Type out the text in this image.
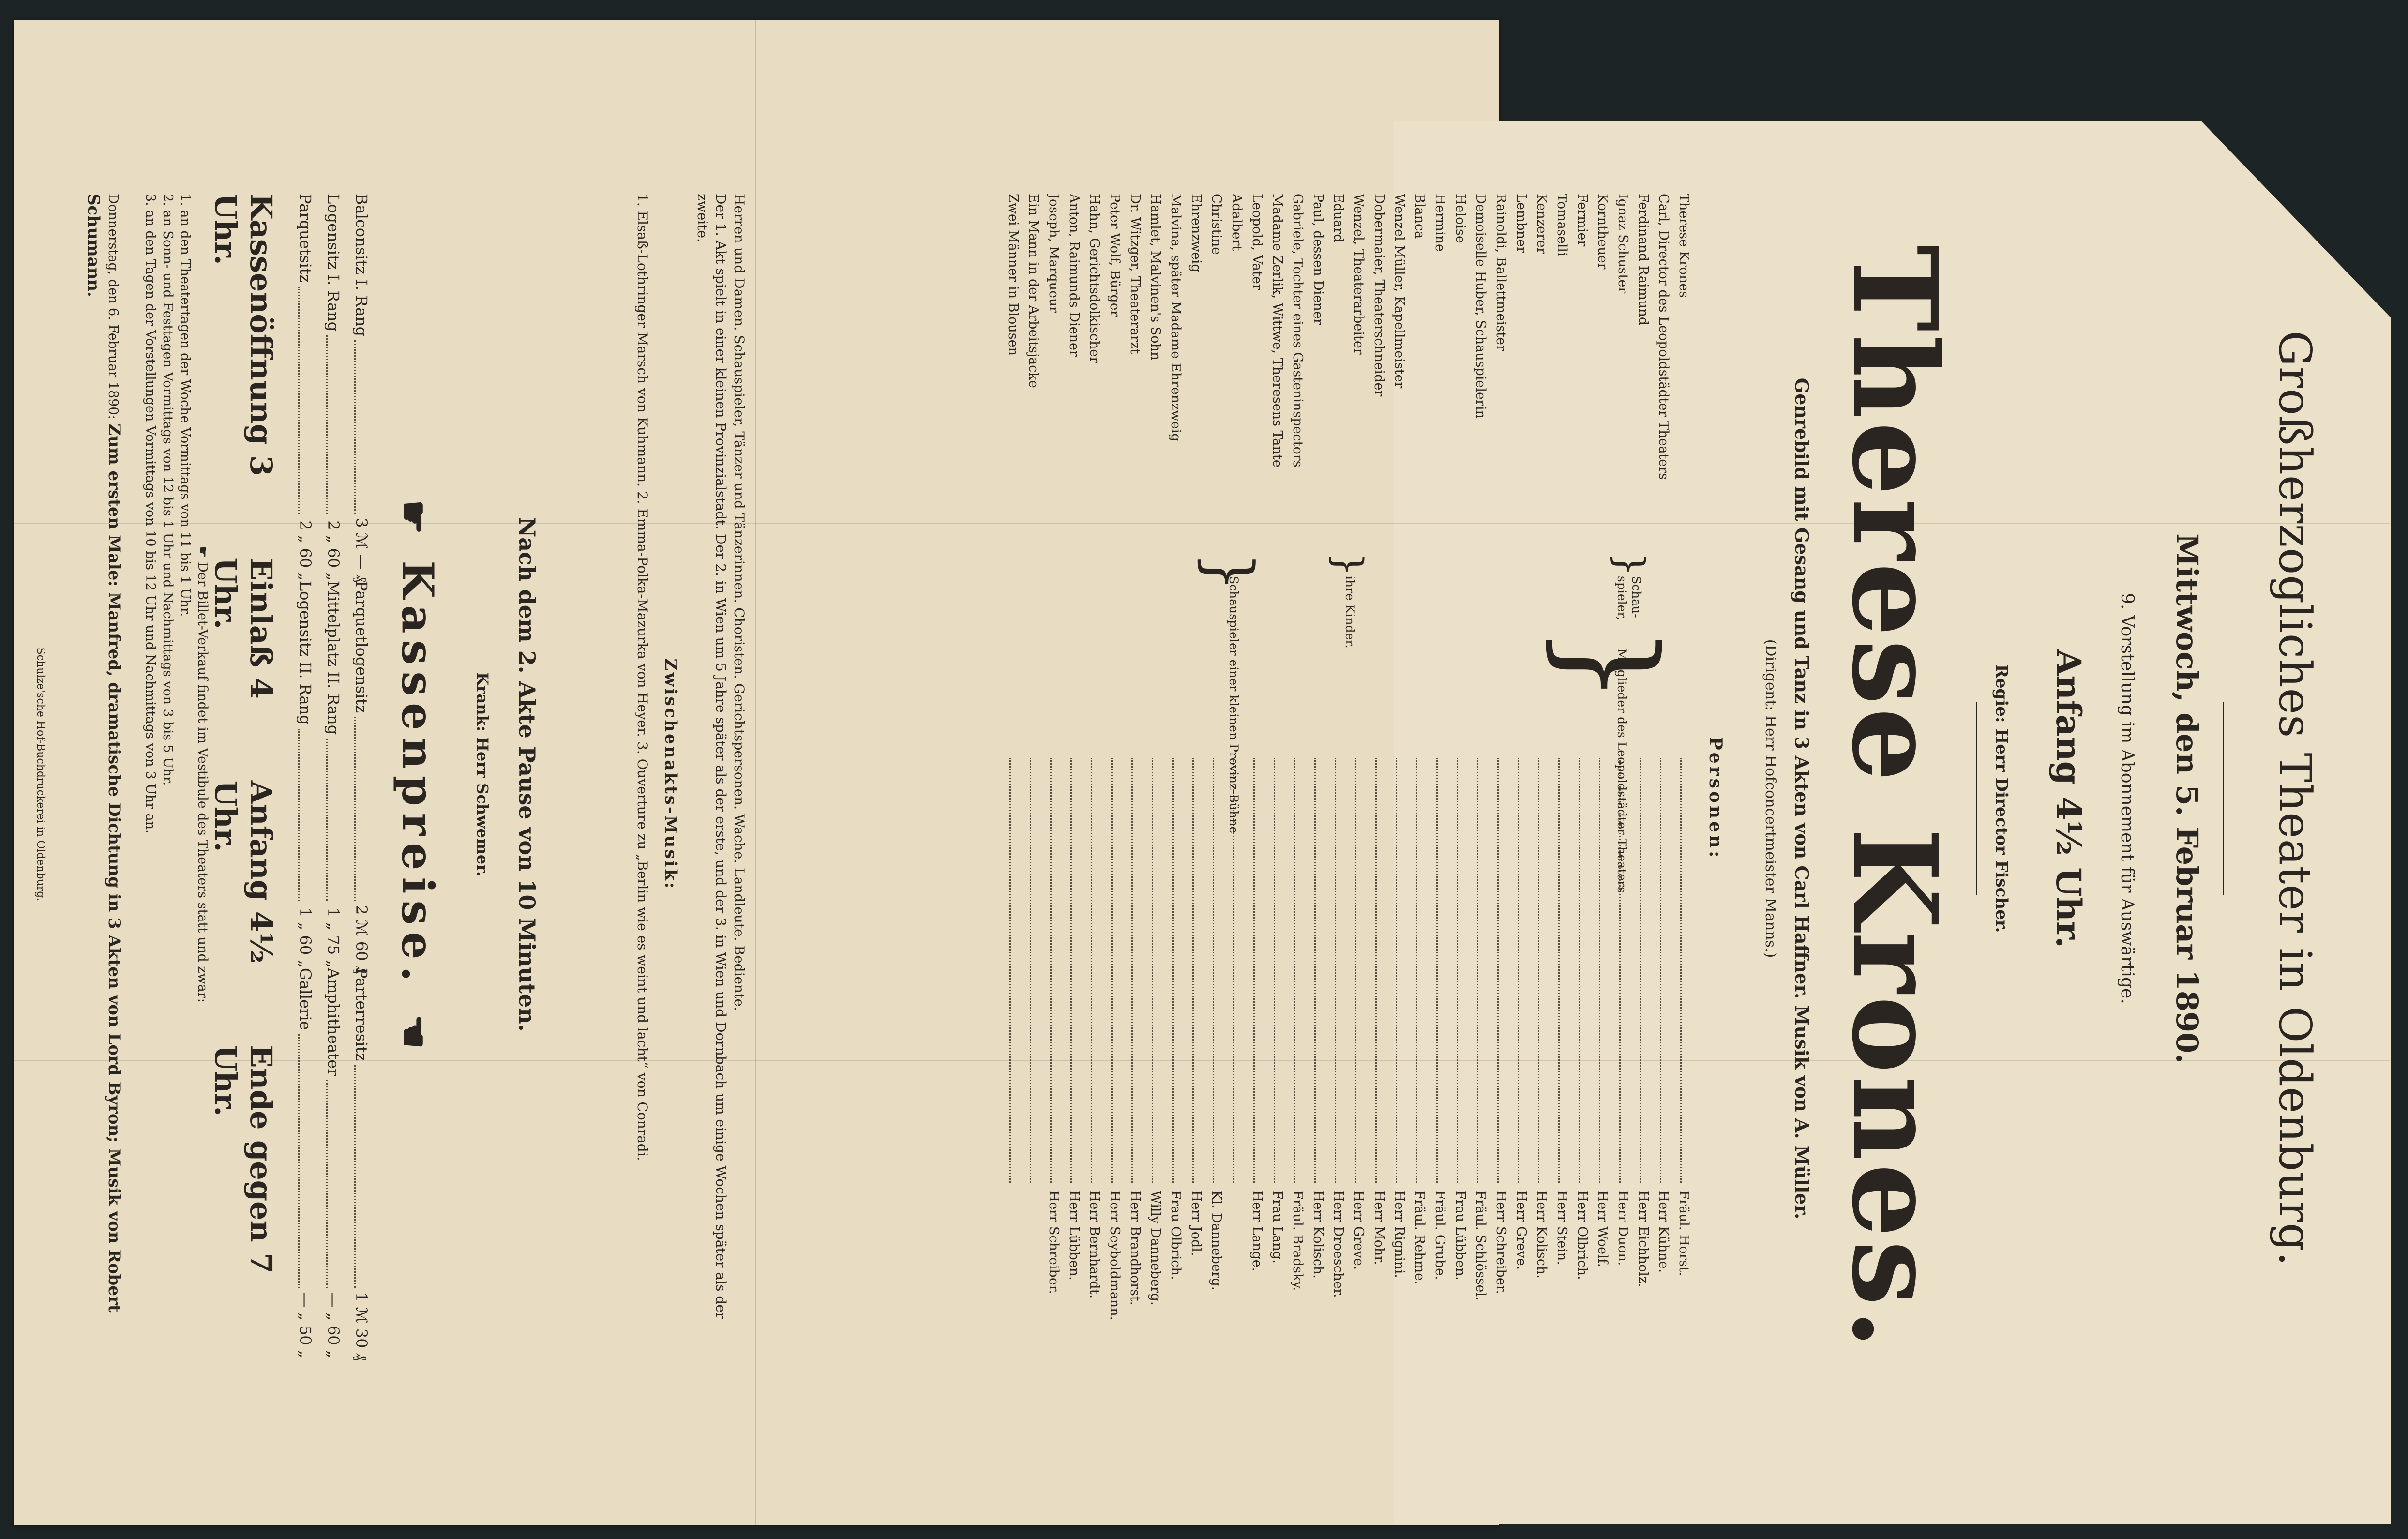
Großherzogliches Theater in Oldenburg.
Mittwoch, den 5. Februar 1890.
9. Vorstellung im Abonnement für Auswärtige.
Anfang 4½ Uhr.
Regie: Herr Director Fischer.
Therese Krones.
Genrebild mit Gesang und Tanz in 3 Akten von Carl Haffner. Musik von A. Müller.
(Dirigent: Herr Hofconcertmeister Manns.)
Personen:
Therese Krones
Fräul. Horst.
Carl, Director des Leopoldstädter Theaters
Herr Kühne.
Ferdinand Raimund
Herr Eichholz.
Ignaz Schuster
Herr Duon.
Korntheuer
Herr Woelf.
Fermier
Herr Olbrich.
Tomaselli
Herr Stein.
Kenzerer
Herr Kolisch.
Lembner
Herr Greve.
Rainoldi, Ballettmeister
Herr Schreiber.
Demoiselle Huber, Schauspielerin
Fräul. Schlössel.
Heloise
Frau Lübben.
Hermine
Fräul. Grube.
Blanca
Fräul. Rehme.
Wenzel Müller, Kapellmeister
Herr Rignini.
Dobermaier, Theaterschneider
Herr Mohr.
Wenzel, Theaterarbeiter
Herr Greve.
Eduard
Herr Droescher.
Paul, dessen Diener
Herr Kolisch.
Gabriele, Tochter eines Gasteninspectors
Fräul. Bradsky.
Madame Zerlik, Wittwe, Theresens Tante
Frau Lang.
Leopold, Vater
Herr Lange.
Adalbert
Christine
Kl. Danneberg.
Ehrenzweig
Herr Jodl.
Malvina, später Madame Ehrenzweig
Frau Olbrich.
Hamlet, Malvinen's Sohn
Willy Danneberg.
Dr. Witzger, Theaterarzt
Herr Brandhorst.
Peter Wolf, Bürger
Herr Seyboldmann.
Hahn, Gerichtsdolkischer
Herr Bernhardt.
Anton, Raimunds Diener
Herr Lübben.
Joseph, Marqueur
Herr Schreiber.
Ein Mann in der Arbeitsjacke
Zwei Männer in Blousen
}
Schau- spieler,
}
Mitglieder des Leopoldstädter Theaters
}
ihre Kinder.
}
Schauspieler einer kleinen Provinz-Bühne
Herren und Damen. Schauspieler, Tänzer und Tänzerinnen. Choristen. Gerichtspersonen. Wache. Landleute. Bediente.
Der 1. Akt spielt in einer kleinen Provinzialstadt. Der 2. in Wien um 5 Jahre später als der erste, und der 3. in Wien und Dornbach um einige Wochen später als der zweite.
Zwischenakts-Musik:
1. Elsaß-Lothringer Marsch von Kuhmann. 2. Emma-Polka-Mazurka von Heyer. 3. Ouverture zu „Berlin wie es weint und lacht“ von Conradi.
Nach dem 2. Akte Pause von 10 Minuten.
Krank: Herr Schwemer.
☛Kassenpreise.☛
Balconsitz I. Rang
3 ℳ — ₰
Parquetlogensitz
2 ℳ 60 ₰
Parterresitz
1 ℳ 30 ₰
Logensitz I. Rang
2 „ 60 „
Mittelplatz II. Rang
1 „ 75 „
Amphitheater
— „ 60 „
Parquetsitz
2 „ 60 „
Logensitz II. Rang
1 „ 60 „
Gallerie
— „ 50 „
Kassenöffnung 3 Uhr.
Einlaß 4 Uhr.
Anfang 4½ Uhr.
Ende gegen 7 Uhr.
☛ Der Billet-Verkauf findet im Vestibule des Theaters statt und zwar:
1. an den Theatertagen der Woche Vormittags von 11 bis 1 Uhr.
2. an Sonn- und Festtagen Vormittags von 12 bis 1 Uhr und Nachmittags von 3 bis 5 Uhr.
3. an den Tagen der Vorstellungen Vormittags von 10 bis 12 Uhr und Nachmittags von 3 Uhr an.
Donnerstag, den 6. Februar 1890: Zum ersten Male: Manfred, dramatische Dichtung in 3 Akten von Lord Byron; Musik von Robert Schumann.
Schulze'sche Hof-Buchdruckerei in Oldenburg.
